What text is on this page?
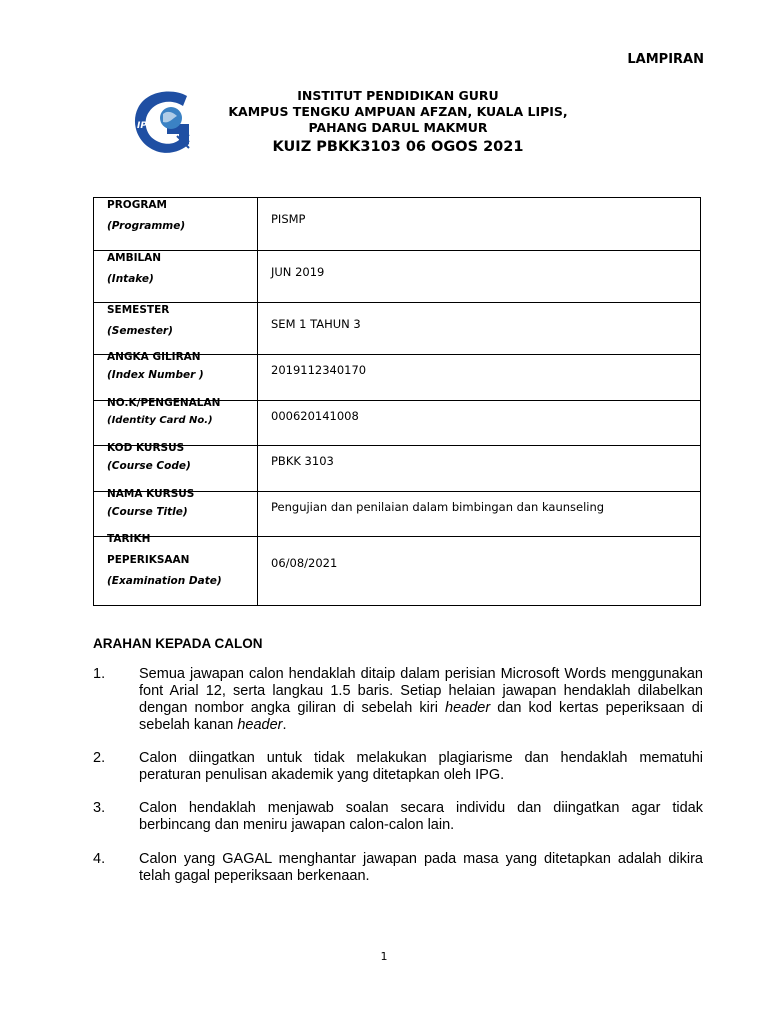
LAMPIRAN
IPG
INSTITUT PENDIDIKAN GURU
KAMPUS TENGKU AMPUAN AFZAN, KUALA LIPIS,
PAHANG DARUL MAKMUR
KUIZ PBKK3103 06 OGOS 2021
PROGRAM
(Programme)	PISMP

AMBILAN
(Intake)	JUN 2019

SEMESTER
(Semester)	SEM 1 TAHUN 3

ANGKA GILIRAN
(Index Number )	2019112340170

NO.K/PENGENALAN
(Identity Card No.)	000620141008

KOD KURSUS
(Course Code)	PBKK 3103

NAMA KURSUS
(Course Title)	Pengujian dan penilaian dalam bimbingan dan kaunseling

TARIKH
PEPERIKSAAN
(Examination Date)	06/08/2021
ARAHAN KEPADA CALON
1. Semua jawapan calon hendaklah ditaip dalam perisian Microsoft Words menggunakan font Arial 12, serta langkau 1.5 baris. Setiap helaian jawapan hendaklah dilabelkan dengan nombor angka giliran di sebelah kiri header dan kod kertas peperiksaan di sebelah kanan header.
2. Calon diingatkan untuk tidak melakukan plagiarisme dan hendaklah mematuhi peraturan penulisan akademik yang ditetapkan oleh IPG.
3. Calon hendaklah menjawab soalan secara individu dan diingatkan agar tidak berbincang dan meniru jawapan calon-calon lain.
4. Calon yang GAGAL menghantar jawapan pada masa yang ditetapkan adalah dikira telah gagal peperiksaan berkenaan.
1
